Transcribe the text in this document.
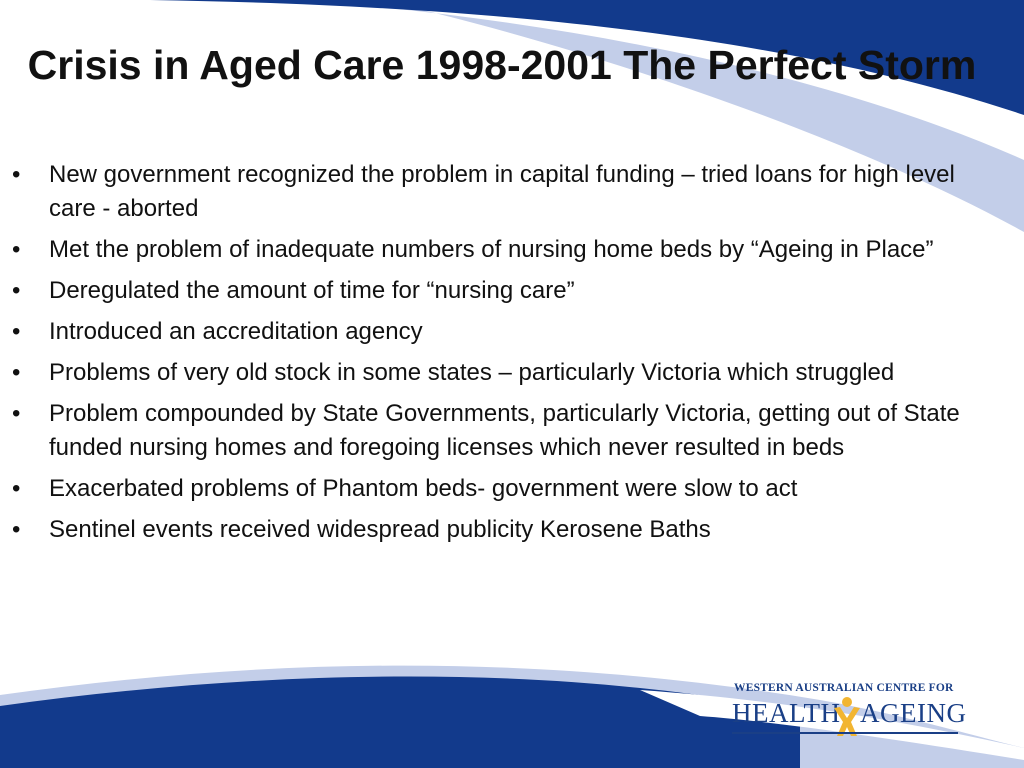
Crisis in Aged Care 1998-2001 The Perfect Storm
• New government recognized the problem in capital funding – tried loans for high level care - aborted
• Met the problem of inadequate numbers of nursing home beds by “Ageing in Place”
• Deregulated the amount of time for “nursing care”
• Introduced an accreditation agency
• Problems of very old stock in some states – particularly Victoria which struggled
• Problem compounded by State Governments, particularly Victoria, getting out of State funded nursing homes and foregoing licenses which never resulted in beds
• Exacerbated problems of Phantom beds- government were slow to act
• Sentinel events received widespread publicity Kerosene Baths
WESTERN AUSTRALIAN CENTRE FOR
HEALTH AGEING
